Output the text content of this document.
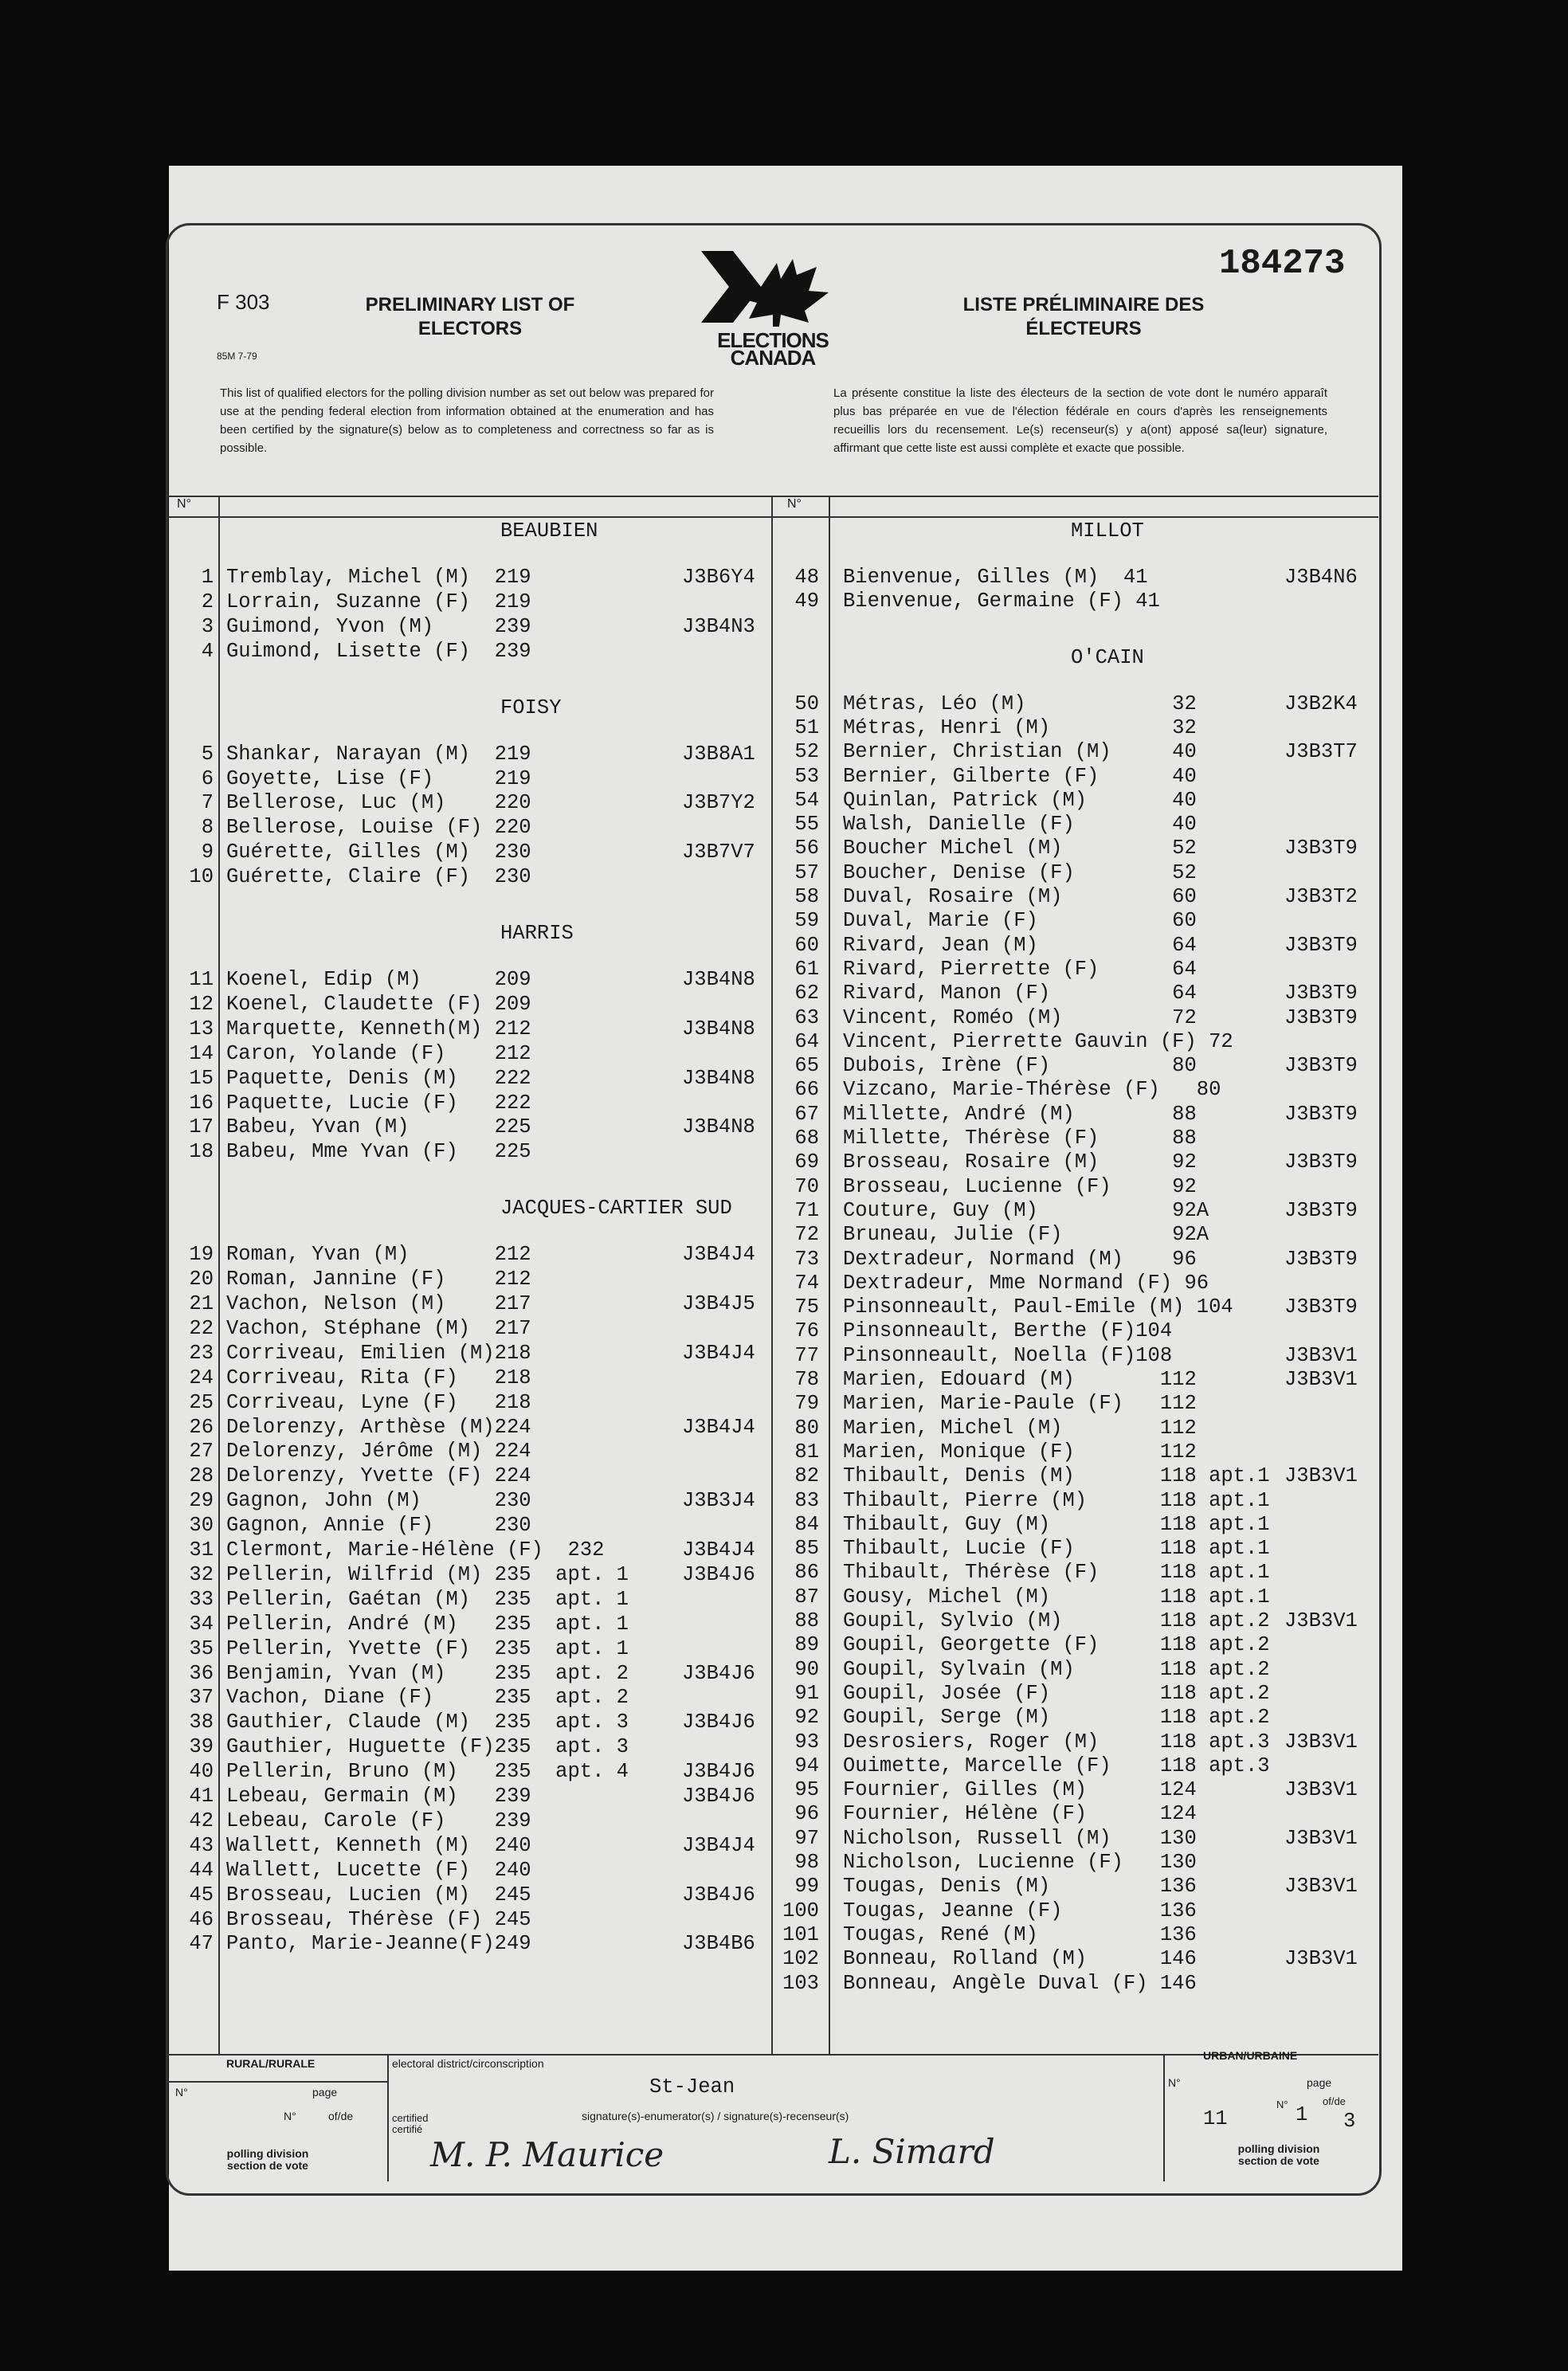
F 303
85M 7-79
PRELIMINARY LIST OF
ELECTORS	ELECTIONS
CANADA
LISTE PRÉLIMINAIRE DES
ÉLECTEURS
184273
This list of qualified electors for the polling division number as set out below was prepared for use at the pending federal election from information obtained at the enumeration and has been certified by the signature(s) below as to completeness and correctness so far as is possible.
La présente constitue la liste des électeurs de la section de vote dont le numéro apparaît plus bas préparée en vue de l'élection fédérale en cours d'après les renseignements recueillis lors du recensement. Le(s) recenseur(s) y a(ont) apposé sa(leur) signature, affirmant que cette liste est aussi complète et exacte que possible.
N°	N°
BEAUBIEN
1 Tremblay, Michel (M)  219	J3B6Y4
2 Lorrain, Suzanne (F)  219
3 Guimond, Yvon (M)     239	J3B4N3
4 Guimond, Lisette (F)  239
FOISY
5 Shankar, Narayan (M)  219	J3B8A1
6 Goyette, Lise (F)     219
7 Bellerose, Luc (M)    220	J3B7Y2
8 Bellerose, Louise (F) 220
9 Guérette, Gilles (M)  230	J3B7V7
10 Guérette, Claire (F)  230
HARRIS
11 Koenel, Edip (M)      209	J3B4N8
12 Koenel, Claudette (F) 209
13 Marquette, Kenneth(M) 212	J3B4N8
14 Caron, Yolande (F)    212
15 Paquette, Denis (M)   222	J3B4N8
16 Paquette, Lucie (F)   222
17 Babeu, Yvan (M)       225	J3B4N8
18 Babeu, Mme Yvan (F)   225
JACQUES-CARTIER SUD
19 Roman, Yvan (M)       212	J3B4J4
20 Roman, Jannine (F)    212
21 Vachon, Nelson (M)    217	J3B4J5
22 Vachon, Stéphane (M)  217
23 Corriveau, Emilien (M)218	J3B4J4
24 Corriveau, Rita (F)   218
25 Corriveau, Lyne (F)   218
26 Delorenzy, Arthèse (M)224	J3B4J4
27 Delorenzy, Jérôme (M) 224
28 Delorenzy, Yvette (F) 224
29 Gagnon, John (M)      230	J3B3J4
30 Gagnon, Annie (F)     230
31 Clermont, Marie-Hélène (F)  232	J3B4J4
32 Pellerin, Wilfrid (M) 235  apt. 1	J3B4J6
33 Pellerin, Gaétan (M)  235  apt. 1
34 Pellerin, André (M)   235  apt. 1
35 Pellerin, Yvette (F)  235  apt. 1
36 Benjamin, Yvan (M)    235  apt. 2	J3B4J6
37 Vachon, Diane (F)     235  apt. 2
38 Gauthier, Claude (M)  235  apt. 3	J3B4J6
39 Gauthier, Huguette (F)235  apt. 3
40 Pellerin, Bruno (M)   235  apt. 4	J3B4J6
41 Lebeau, Germain (M)   239	J3B4J6
42 Lebeau, Carole (F)    239
43 Wallett, Kenneth (M)  240	J3B4J4
44 Wallett, Lucette (F)  240
45 Brosseau, Lucien (M)  245	J3B4J6
46 Brosseau, Thérèse (F) 245
47 Panto, Marie-Jeanne(F)249	J3B4B6
MILLOT
48 Bienvenue, Gilles (M)  41	J3B4N6
49 Bienvenue, Germaine (F) 41
O'CAIN
50 Métras, Léo (M)            32	J3B2K4
51 Métras, Henri (M)          32
52 Bernier, Christian (M)     40	J3B3T7
53 Bernier, Gilberte (F)      40
54 Quinlan, Patrick (M)       40
55 Walsh, Danielle (F)        40
56 Boucher Michel (M)         52	J3B3T9
57 Boucher, Denise (F)        52
58 Duval, Rosaire (M)         60	J3B3T2
59 Duval, Marie (F)           60
60 Rivard, Jean (M)           64	J3B3T9
61 Rivard, Pierrette (F)      64
62 Rivard, Manon (F)          64	J3B3T9
63 Vincent, Roméo (M)         72	J3B3T9
64 Vincent, Pierrette Gauvin (F) 72
65 Dubois, Irène (F)          80	J3B3T9
66 Vizcano, Marie-Thérèse (F)   80
67 Millette, André (M)        88	J3B3T9
68 Millette, Thérèse (F)      88
69 Brosseau, Rosaire (M)      92	J3B3T9
70 Brosseau, Lucienne (F)     92
71 Couture, Guy (M)           92A	J3B3T9
72 Bruneau, Julie (F)         92A
73 Dextradeur, Normand (M)    96	J3B3T9
74 Dextradeur, Mme Normand (F) 96
75 Pinsonneault, Paul-Emile (M) 104	J3B3T9
76 Pinsonneault, Berthe (F)104
77 Pinsonneault, Noella (F)108	J3B3V1
78 Marien, Edouard (M)       112	J3B3V1
79 Marien, Marie-Paule (F)   112
80 Marien, Michel (M)        112
81 Marien, Monique (F)       112
82 Thibault, Denis (M)       118 apt.1 J3B3V1
83 Thibault, Pierre (M)      118 apt.1
84 Thibault, Guy (M)         118 apt.1
85 Thibault, Lucie (F)       118 apt.1
86 Thibault, Thérèse (F)     118 apt.1
87 Gousy, Michel (M)         118 apt.1
88 Goupil, Sylvio (M)        118 apt.2 J3B3V1
89 Goupil, Georgette (F)     118 apt.2
90 Goupil, Sylvain (M)       118 apt.2
91 Goupil, Josée (F)         118 apt.2
92 Goupil, Serge (M)         118 apt.2
93 Desrosiers, Roger (M)     118 apt.3 J3B3V1
94 Ouimette, Marcelle (F)    118 apt.3
95 Fournier, Gilles (M)      124	J3B3V1
96 Fournier, Hélène (F)      124
97 Nicholson, Russell (M)    130	J3B3V1
98 Nicholson, Lucienne (F)   130
99 Tougas, Denis (M)         136	J3B3V1
100 Tougas, Jeanne (F)        136
101 Tougas, René (M)          136
102 Bonneau, Rolland (M)      146	J3B3V1
103 Bonneau, Angèle Duval (F) 146
RURAL/RURALE
URBAN/URBAINE
electoral district/circonscription
St-Jean
N°	page
N°	of/de
polling division section de vote
certified certifié
signature(s)-enumerator(s) / signature(s)-recenseur(s)
M. P. Maurice	L. Simard
N°	page
11
N° 1
of/de
3
polling division section de vote
